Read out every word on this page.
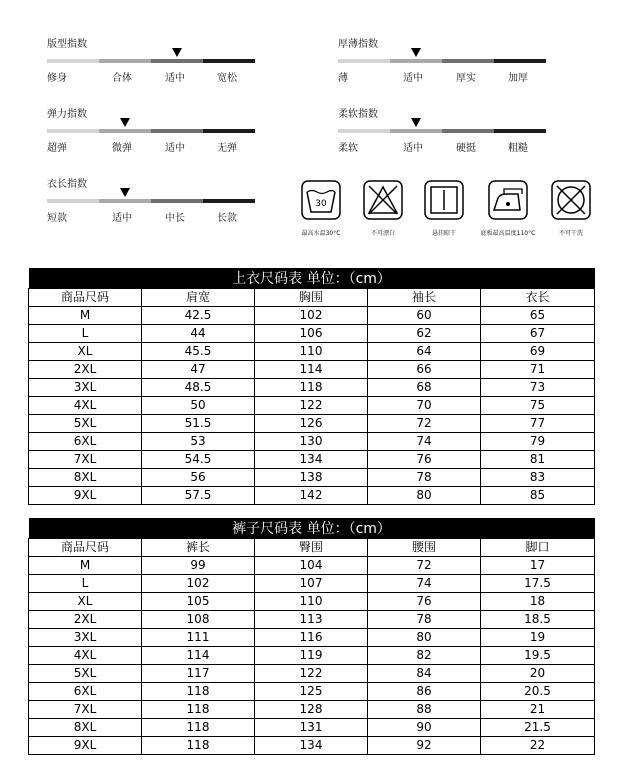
版型指数
修身	合体	适中	宽松
厚薄指数
薄	适中	厚实	加厚
弹力指数
超弹	微弹	适中	无弹
柔软指数
柔软	适中	硬挺	粗糙
衣长指数
短款	适中	中长	长款
30
最高水温30°C	不可漂白	悬挂晾干	底板最高温度110°C	不可干洗
上衣尺码表 单位：（cm）				
商品尺码	肩宽	胸围	袖长	衣长
M	42.5	102	60	65
L	44	106	62	67
XL	45.5	110	64	69
2XL	47	114	66	71
3XL	48.5	118	68	73
4XL	50	122	70	75
5XL	51.5	126	72	77
6XL	53	130	74	79
7XL	54.5	134	76	81
8XL	56	138	78	83
9XL	57.5	142	80	85
裤子尺码表 单位：（cm）				
商品尺码	裤长	臀围	腰围	脚口
M	99	104	72	17
L	102	107	74	17.5
XL	105	110	76	18
2XL	108	113	78	18.5
3XL	111	116	80	19
4XL	114	119	82	19.5
5XL	117	122	84	20
6XL	118	125	86	20.5
7XL	118	128	88	21
8XL	118	131	90	21.5
9XL	118	134	92	22
